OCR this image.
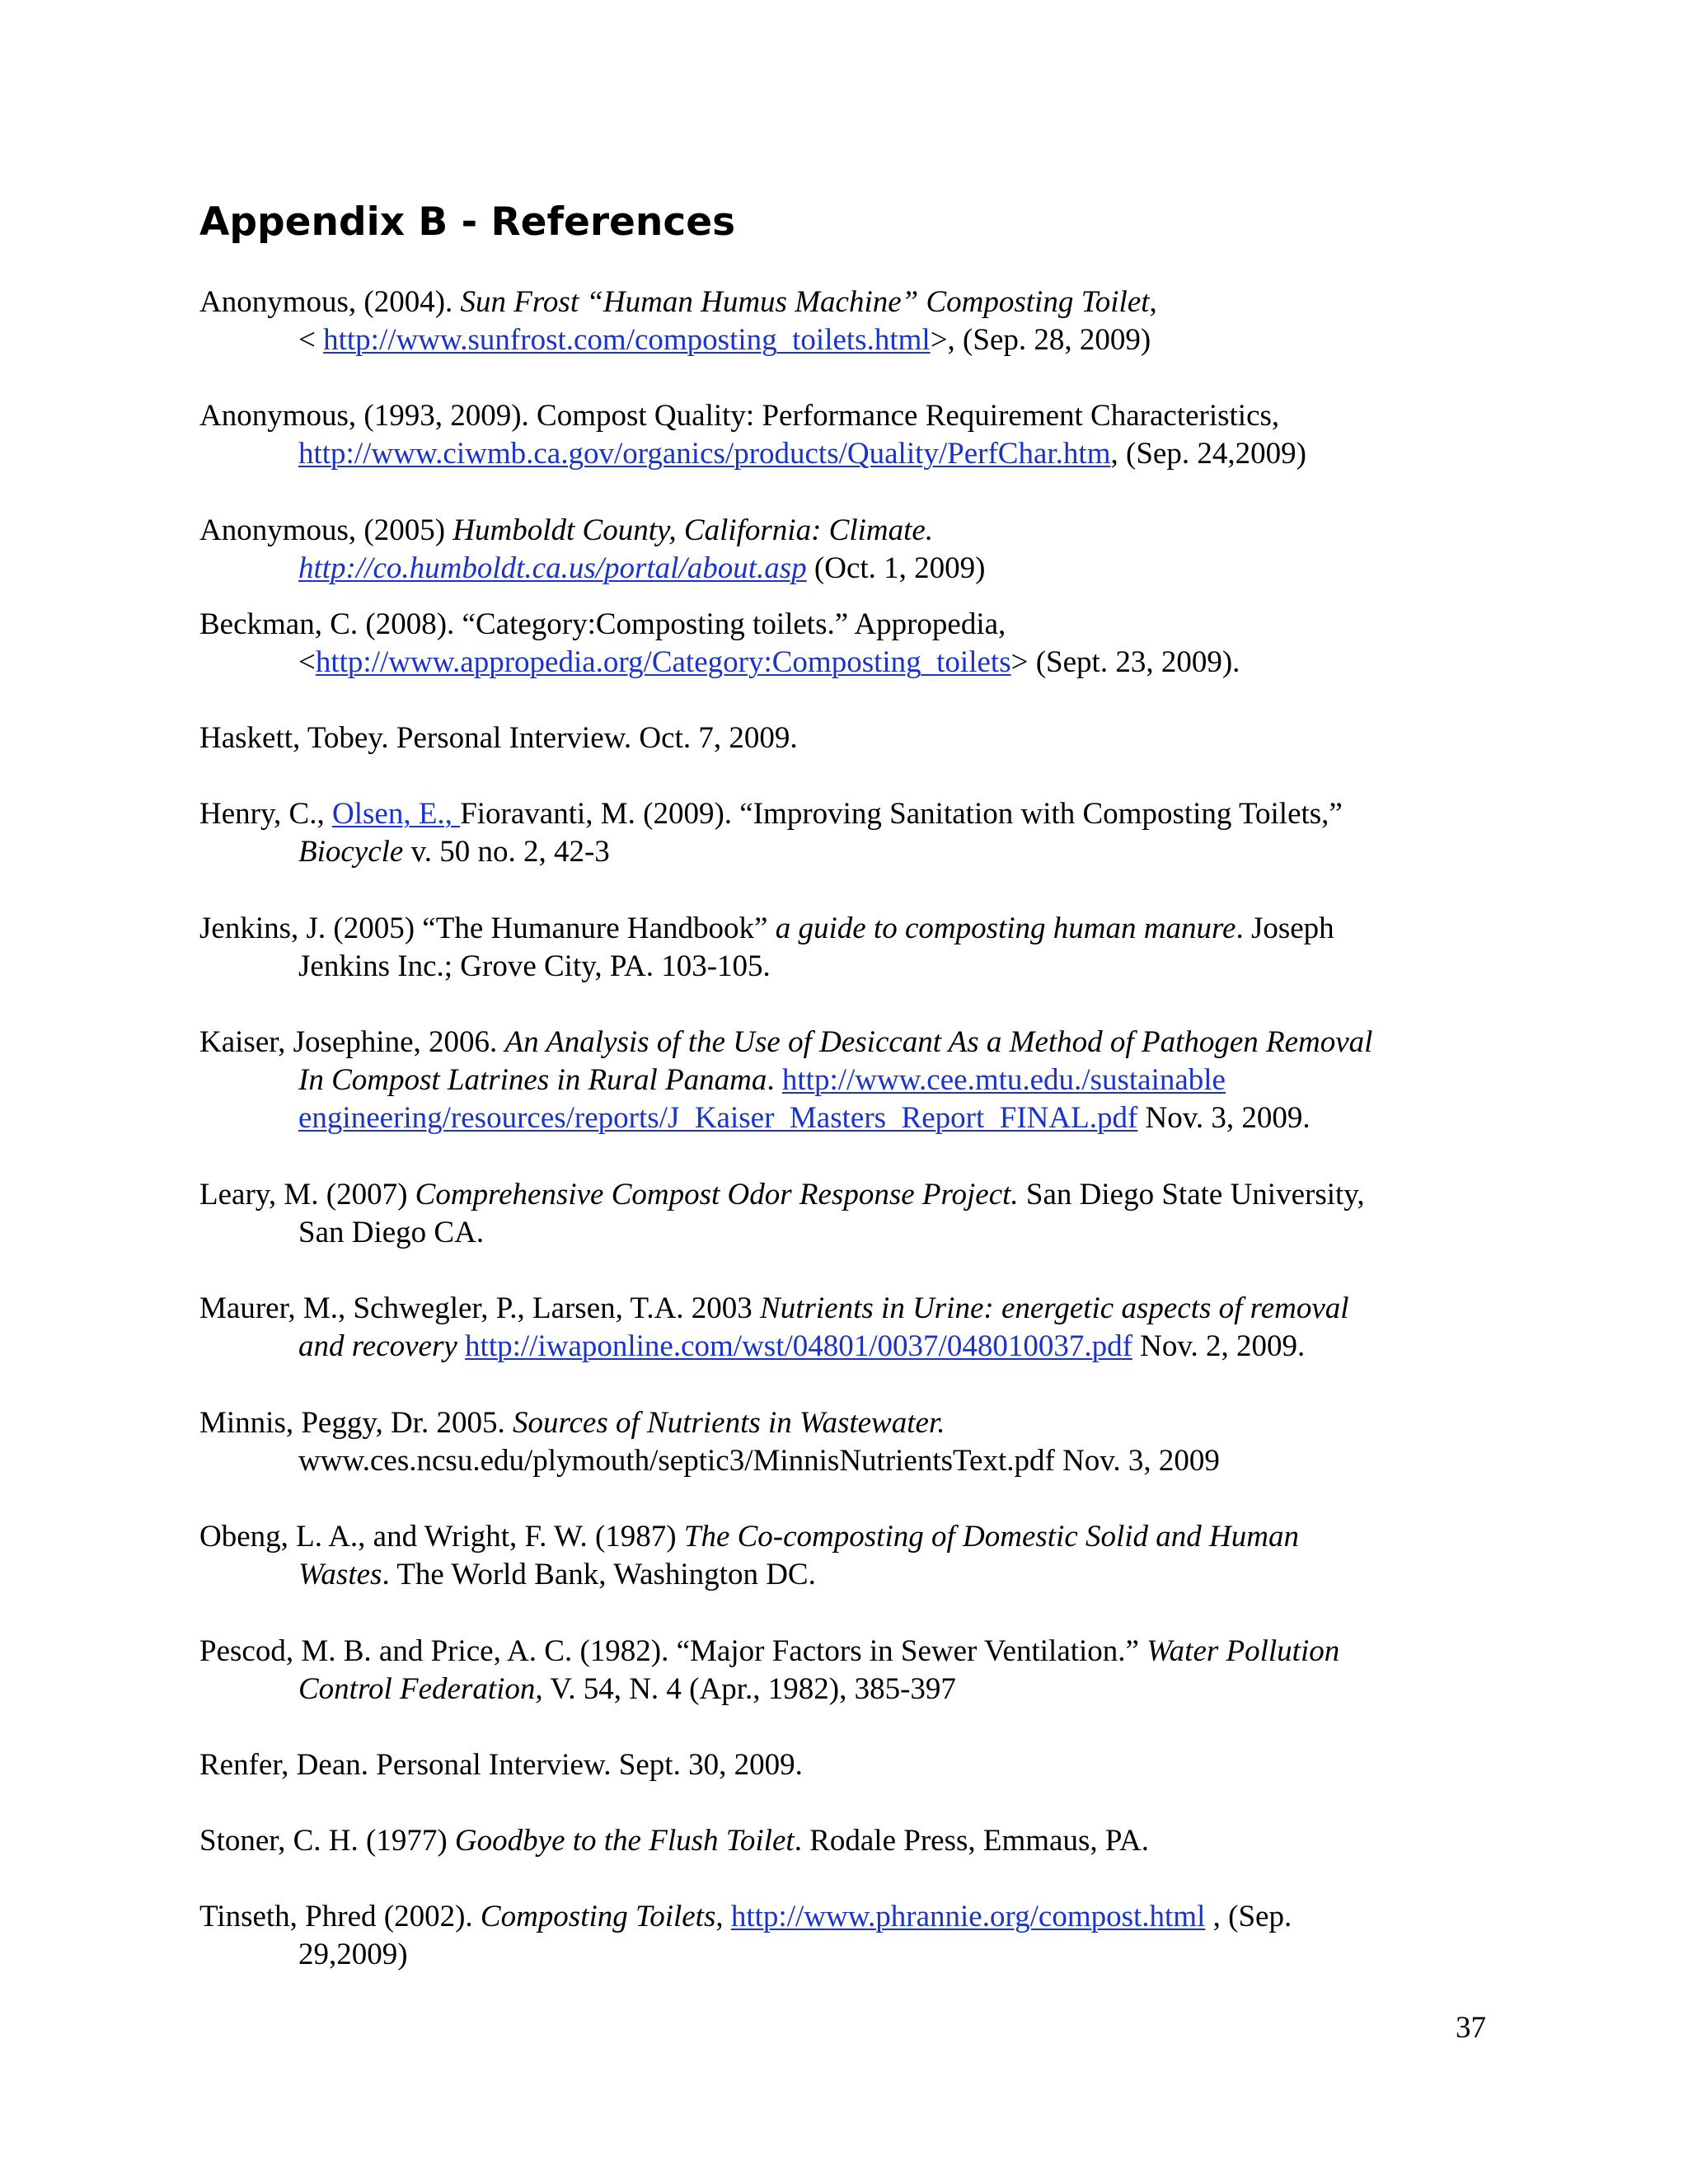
Appendix B - References
Anonymous, (2004). Sun Frost “Human Humus Machine” Composting Toilet,
< http://www.sunfrost.com/composting_toilets.html>, (Sep. 28, 2009)
Anonymous, (1993, 2009). Compost Quality: Performance Requirement Characteristics,
http://www.ciwmb.ca.gov/organics/products/Quality/PerfChar.htm, (Sep. 24,2009)
Anonymous, (2005) Humboldt County, California: Climate.
http://co.humboldt.ca.us/portal/about.asp (Oct. 1, 2009)
Beckman, C. (2008). “Category:Composting toilets.” Appropedia,
<http://www.appropedia.org/Category:Composting_toilets> (Sept. 23, 2009).
Haskett, Tobey. Personal Interview. Oct. 7, 2009.
Henry, C., Olsen, E., Fioravanti, M. (2009). “Improving Sanitation with Composting Toilets,”
Biocycle v. 50 no. 2, 42-3
Jenkins, J. (2005) “The Humanure Handbook” a guide to composting human manure. Joseph
Jenkins Inc.; Grove City, PA. 103-105.
Kaiser, Josephine, 2006. An Analysis of the Use of Desiccant As a Method of Pathogen Removal
In Compost Latrines in Rural Panama. http://www.cee.mtu.edu./sustainable
engineering/resources/reports/J_Kaiser_Masters_Report_FINAL.pdf Nov. 3, 2009.
Leary, M. (2007) Comprehensive Compost Odor Response Project. San Diego State University,
San Diego CA.
Maurer, M., Schwegler, P., Larsen, T.A. 2003 Nutrients in Urine: energetic aspects of removal
and recovery http://iwaponline.com/wst/04801/0037/048010037.pdf Nov. 2, 2009.
Minnis, Peggy, Dr. 2005. Sources of Nutrients in Wastewater.
www.ces.ncsu.edu/plymouth/septic3/MinnisNutrientsText.pdf Nov. 3, 2009
Obeng, L. A., and Wright, F. W. (1987) The Co-composting of Domestic Solid and Human
Wastes. The World Bank, Washington DC.
Pescod, M. B. and Price, A. C. (1982). “Major Factors in Sewer Ventilation.” Water Pollution
Control Federation, V. 54, N. 4 (Apr., 1982), 385-397
Renfer, Dean. Personal Interview. Sept. 30, 2009.
Stoner, C. H. (1977) Goodbye to the Flush Toilet. Rodale Press, Emmaus, PA.
Tinseth, Phred (2002). Composting Toilets, http://www.phrannie.org/compost.html , (Sep.
29,2009)
37
